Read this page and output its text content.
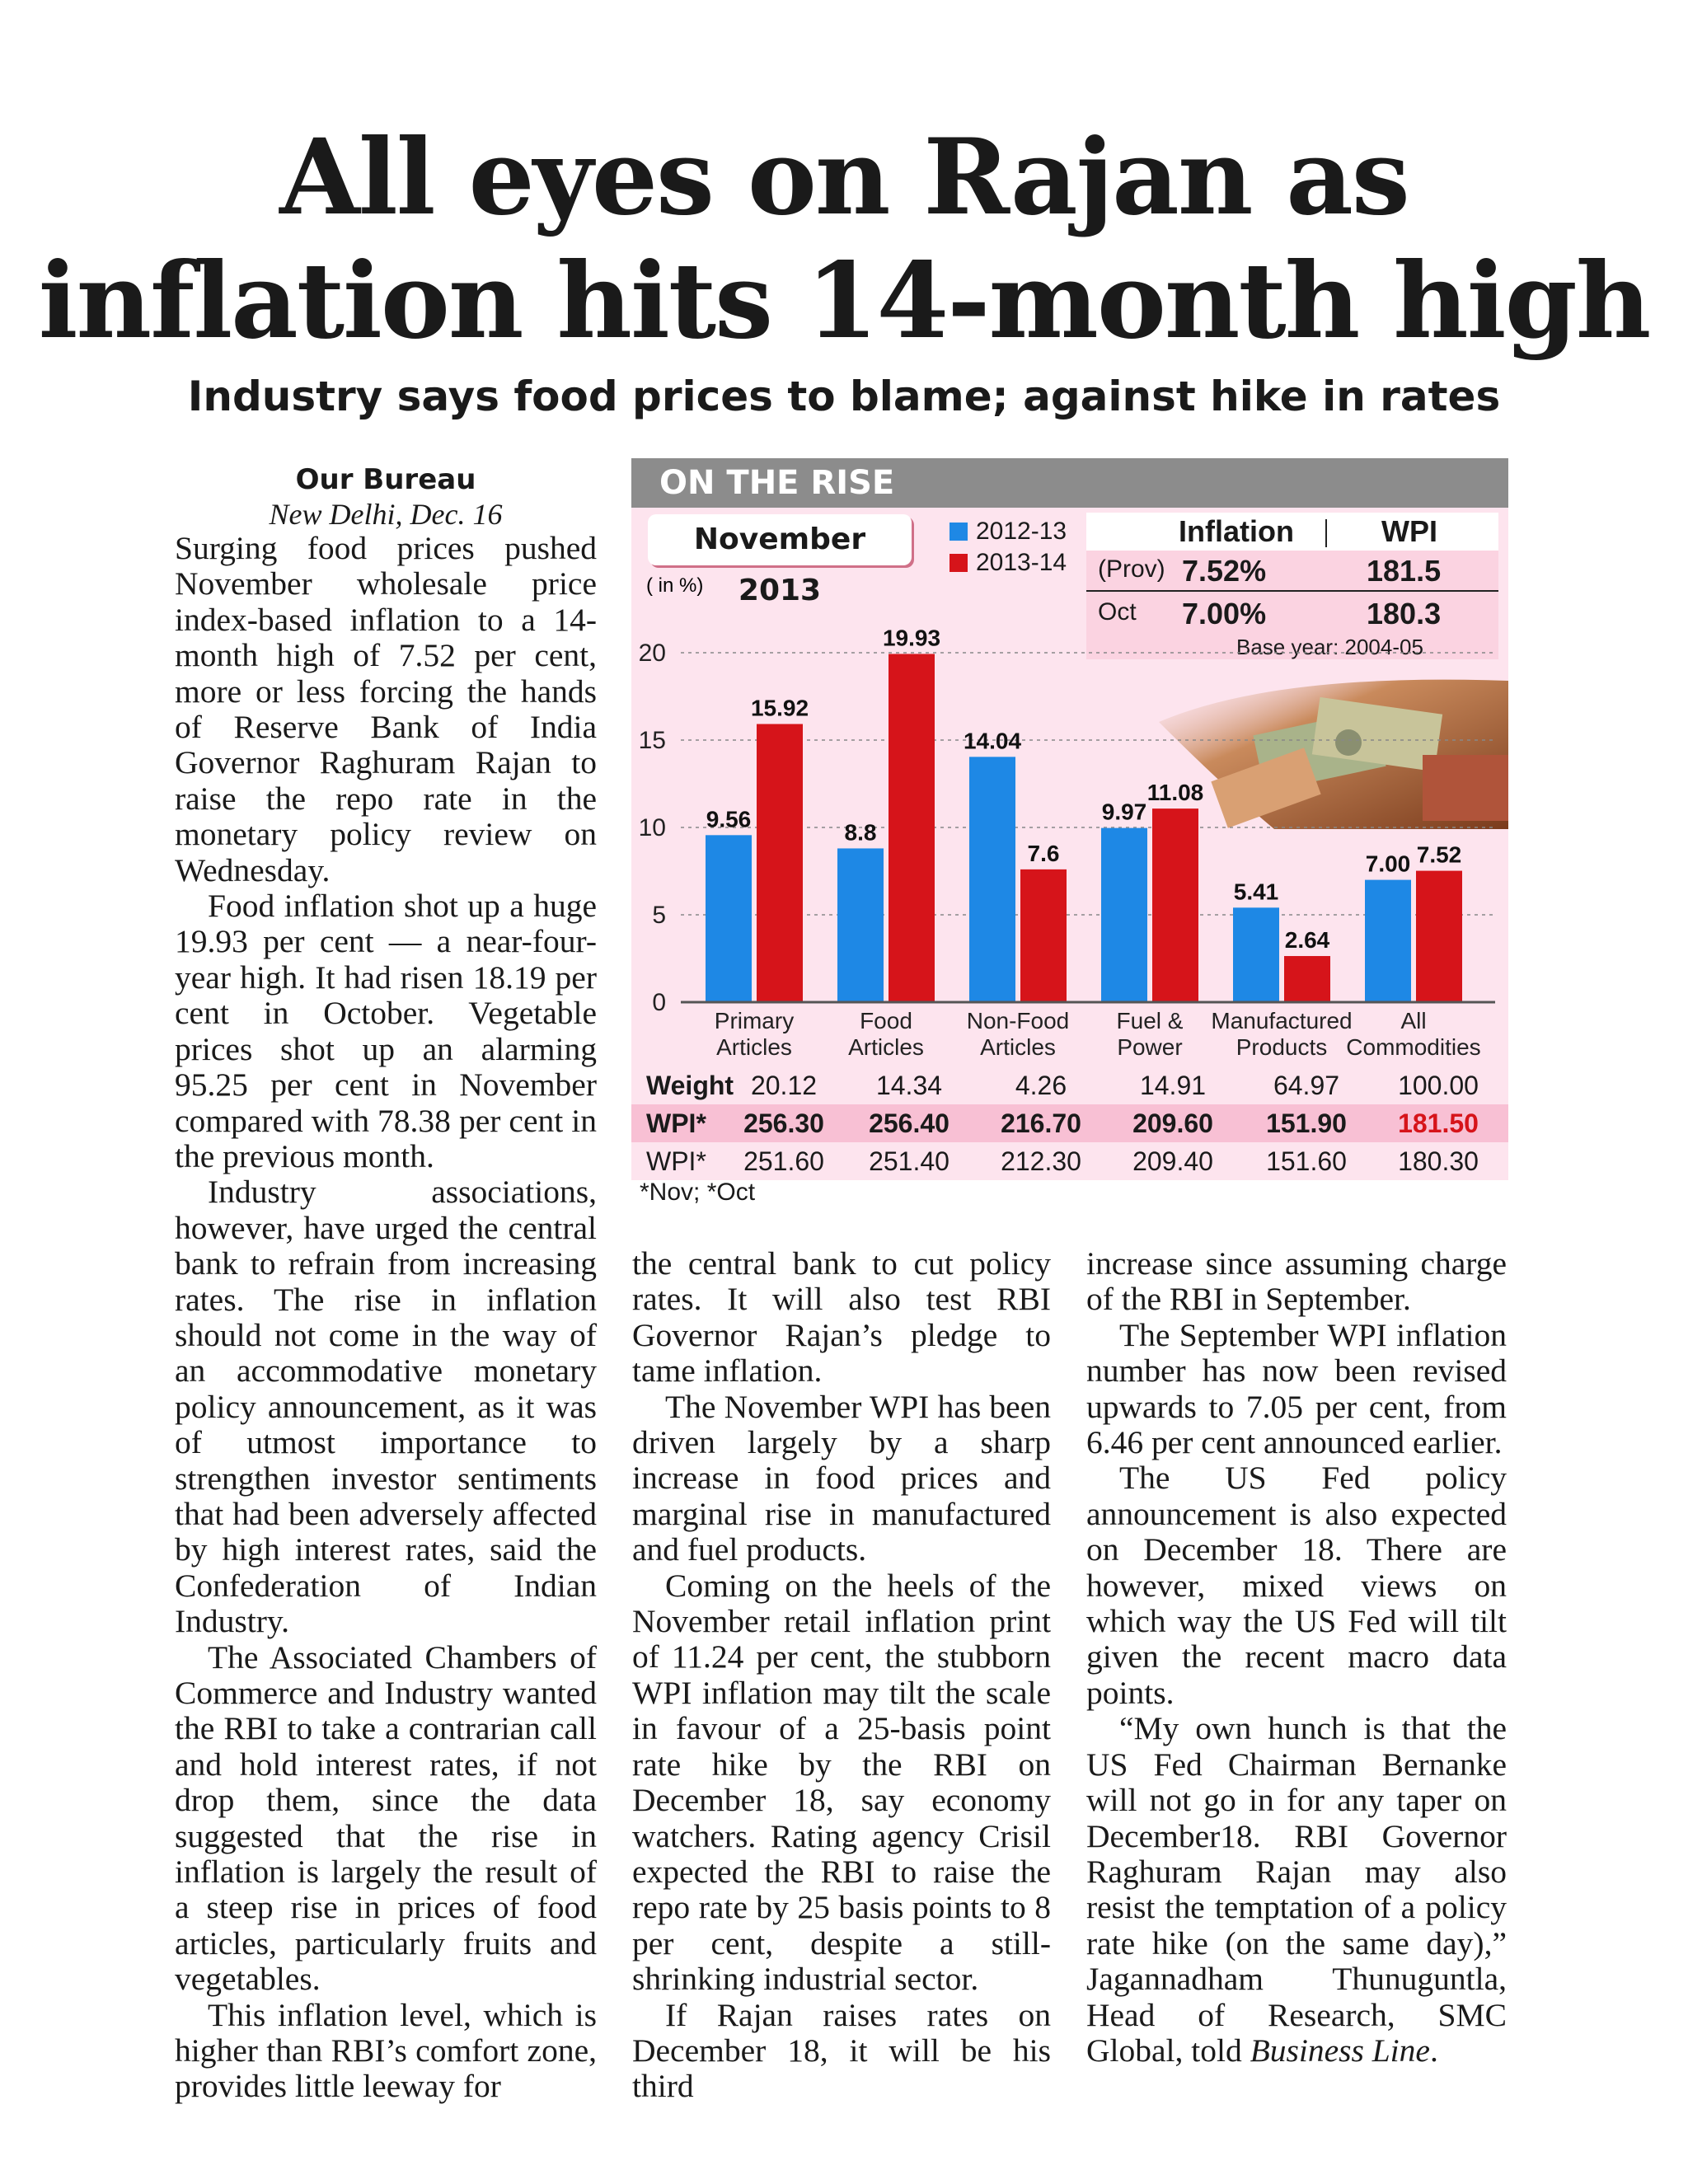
All eyes on Rajan as
inflation hits 14-month high
Industry says food prices to blame; against hike in rates
Our Bureau
New Delhi, Dec. 16

Surging food prices pushed November wholesale price index-based inflation to a 14-month high of 7.52 per cent, more or less forcing the hands of Reserve Bank of India Governor Raghuram Rajan to raise the repo rate in the monetary policy review on Wednesday.

Food inflation shot up a huge 19.93 per cent — a near-four-year high. It had risen 18.19 per cent in October. Vegetable prices shot up an alarming 95.25 per cent in November compared with 78.38 per cent in the previous month.

Industry associations, however, have urged the central bank to refrain from increasing rates. The rise in inflation should not come in the way of an accommodative monetary policy announcement, as it was of utmost importance to strengthen investor sentiments that had been adversely affected by high interest rates, said the Confederation of Indian Industry.

The Associated Chambers of Commerce and Industry wanted the RBI to take a contrarian call and hold interest rates, if not drop them, since the data suggested that the rise in inflation is largely the result of a steep rise in prices of food articles, particularly fruits and vegetables.

This inflation level, which is higher than RBI’s comfort zone, provides little leeway for

the central bank to cut policy rates. It will also test RBI Governor Rajan’s pledge to tame inflation.

The November WPI has been driven largely by a sharp increase in food prices and marginal rise in manufactured and fuel products.

Coming on the heels of the November retail inflation print of 11.24 per cent, the stubborn WPI inflation may tilt the scale in favour of a 25-basis point rate hike by the RBI on December 18, say economy watchers. Rating agency Crisil expected the RBI to raise the repo rate by 25 basis points to 8 per cent, despite a still-shrinking industrial sector.

If Rajan raises rates on December 18, it will be his third

increase since assuming charge of the RBI in September.

The September WPI inflation number has now been revised upwards to 7.05 per cent, from 6.46 per cent announced earlier.

The US Fed policy announcement is also expected on December 18. There are however, mixed views on which way the US Fed will tilt given the recent macro data points.

“My own hunch is that the US Fed Chairman Bernanke will not go in for any taper on December18. RBI Governor Raghuram Rajan may also resist the temptation of a policy rate hike (on the same day),” Jagannadham Thunuguntla, Head of Research, SMC Global, told Business Line.

ON THE RISE
November 2013
2012-13
2013-14
Inflation	WPI
(Prov) 7.52%	181.5
Oct 7.00%	180.3
Base year: 2004-05
0
5
10
15
20
( in %)
9.56
15.92
Primary
Articles
8.8
19.93
Food
Articles
14.04
7.6
Non-Food
Articles
9.97
11.08
Fuel &
Power
5.41
2.64
Manufactured
Products
7.00 7.52
All
Commodities
Weight 20.12	14.34	4.26	14.91	64.97	100.00
WPI*	256.30	256.40	216.70	209.60	151.90	181.50
WPI*	251.60	251.40	212.30	209.40	151.60	180.30
*Nov; *Oct
